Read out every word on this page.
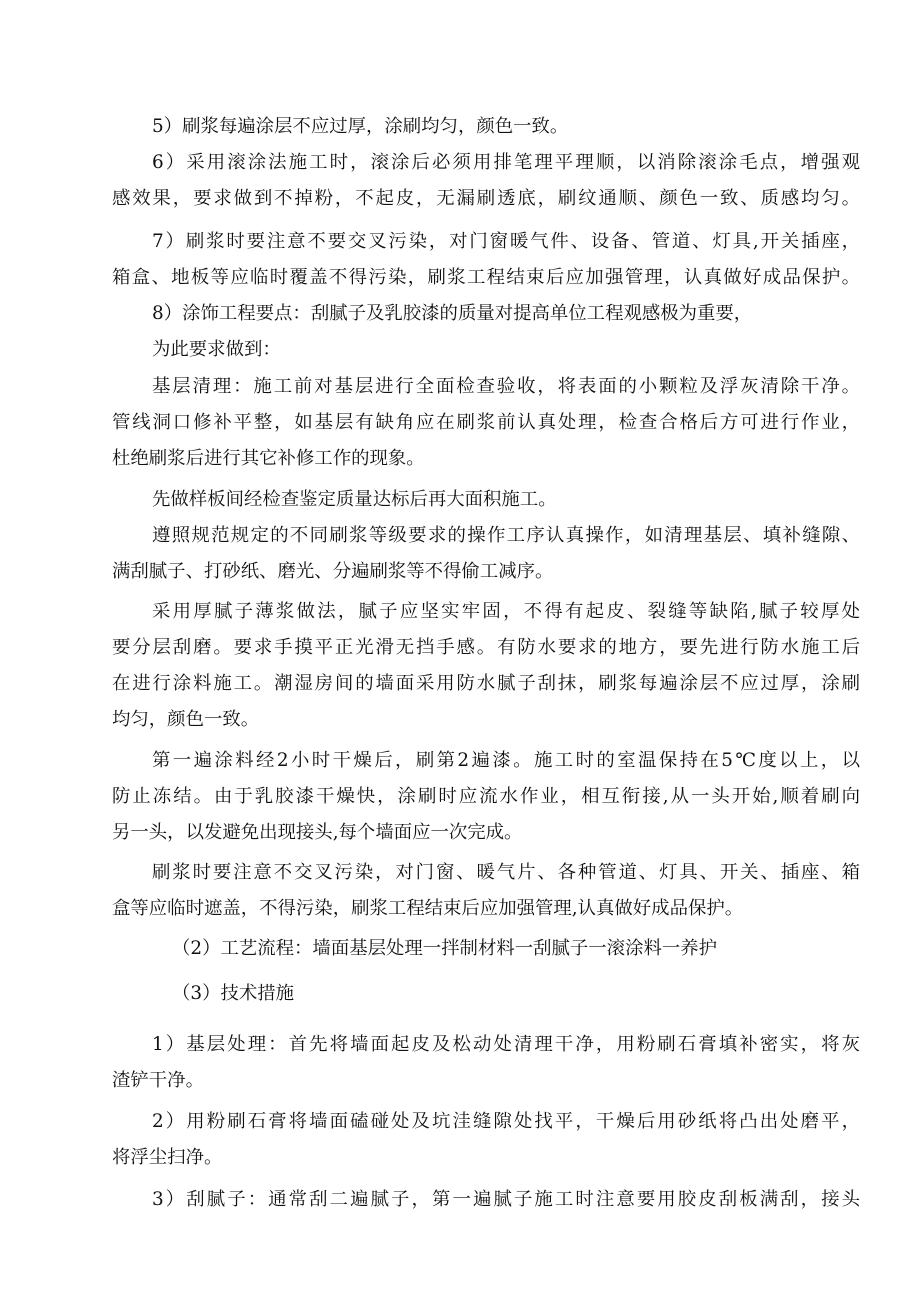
5）刷浆每遍涂层不应过厚，涂刷均匀，颜色一致。
6）采用滚涂法施工时，滚涂后必须用排笔理平理顺，以消除滚涂毛点，增强观
感效果，要求做到不掉粉，不起皮，无漏刷透底，刷纹通顺、颜色一致、质感均匀。
7）刷浆时要注意不要交叉污染，对门窗暖气件、设备、管道、灯具,开关插座，
箱盒、地板等应临时覆盖不得污染，刷浆工程结束后应加强管理，认真做好成品保护。
8）涂饰工程要点：刮腻子及乳胶漆的质量对提高单位工程观感极为重要，
为此要求做到：
基层清理：施工前对基层进行全面检查验收，将表面的小颗粒及浮灰清除干净。
管线洞口修补平整，如基层有缺角应在刷浆前认真处理，检查合格后方可进行作业，
杜绝刷浆后进行其它补修工作的现象。
先做样板间经检查鉴定质量达标后再大面积施工。
遵照规范规定的不同刷浆等级要求的操作工序认真操作，如清理基层、填补缝隙、
满刮腻子、打砂纸、磨光、分遍刷浆等不得偷工减序。
采用厚腻子薄浆做法，腻子应坚实牢固，不得有起皮、裂缝等缺陷,腻子较厚处
要分层刮磨。要求手摸平正光滑无挡手感。有防水要求的地方，要先进行防水施工后
在进行涂料施工。潮湿房间的墙面采用防水腻子刮抹，刷浆每遍涂层不应过厚，涂刷
均匀，颜色一致。
第一遍涂料经2小时干燥后，刷第2遍漆。施工时的室温保持在5℃度以上，以
防止冻结。由于乳胶漆干燥快，涂刷时应流水作业，相互衔接,从一头开始,顺着刷向
另一头，以发避免出现接头,每个墙面应一次完成。
刷浆时要注意不交叉污染，对门窗、暖气片、各种管道、灯具、开关、插座、箱
盒等应临时遮盖，不得污染，刷浆工程结束后应加强管理,认真做好成品保护。
（2）工艺流程：墙面基层处理一拌制材料一刮腻子一滚涂料一养护
（3）技术措施
1）基层处理：首先将墙面起皮及松动处清理干净，用粉刷石膏填补密实，将灰
渣铲干净。
2）用粉刷石膏将墙面磕碰处及坑洼缝隙处找平，干燥后用砂纸将凸出处磨平，
将浮尘扫净。
3）刮腻子：通常刮二遍腻子，第一遍腻子施工时注意要用胶皮刮板满刮，接头
